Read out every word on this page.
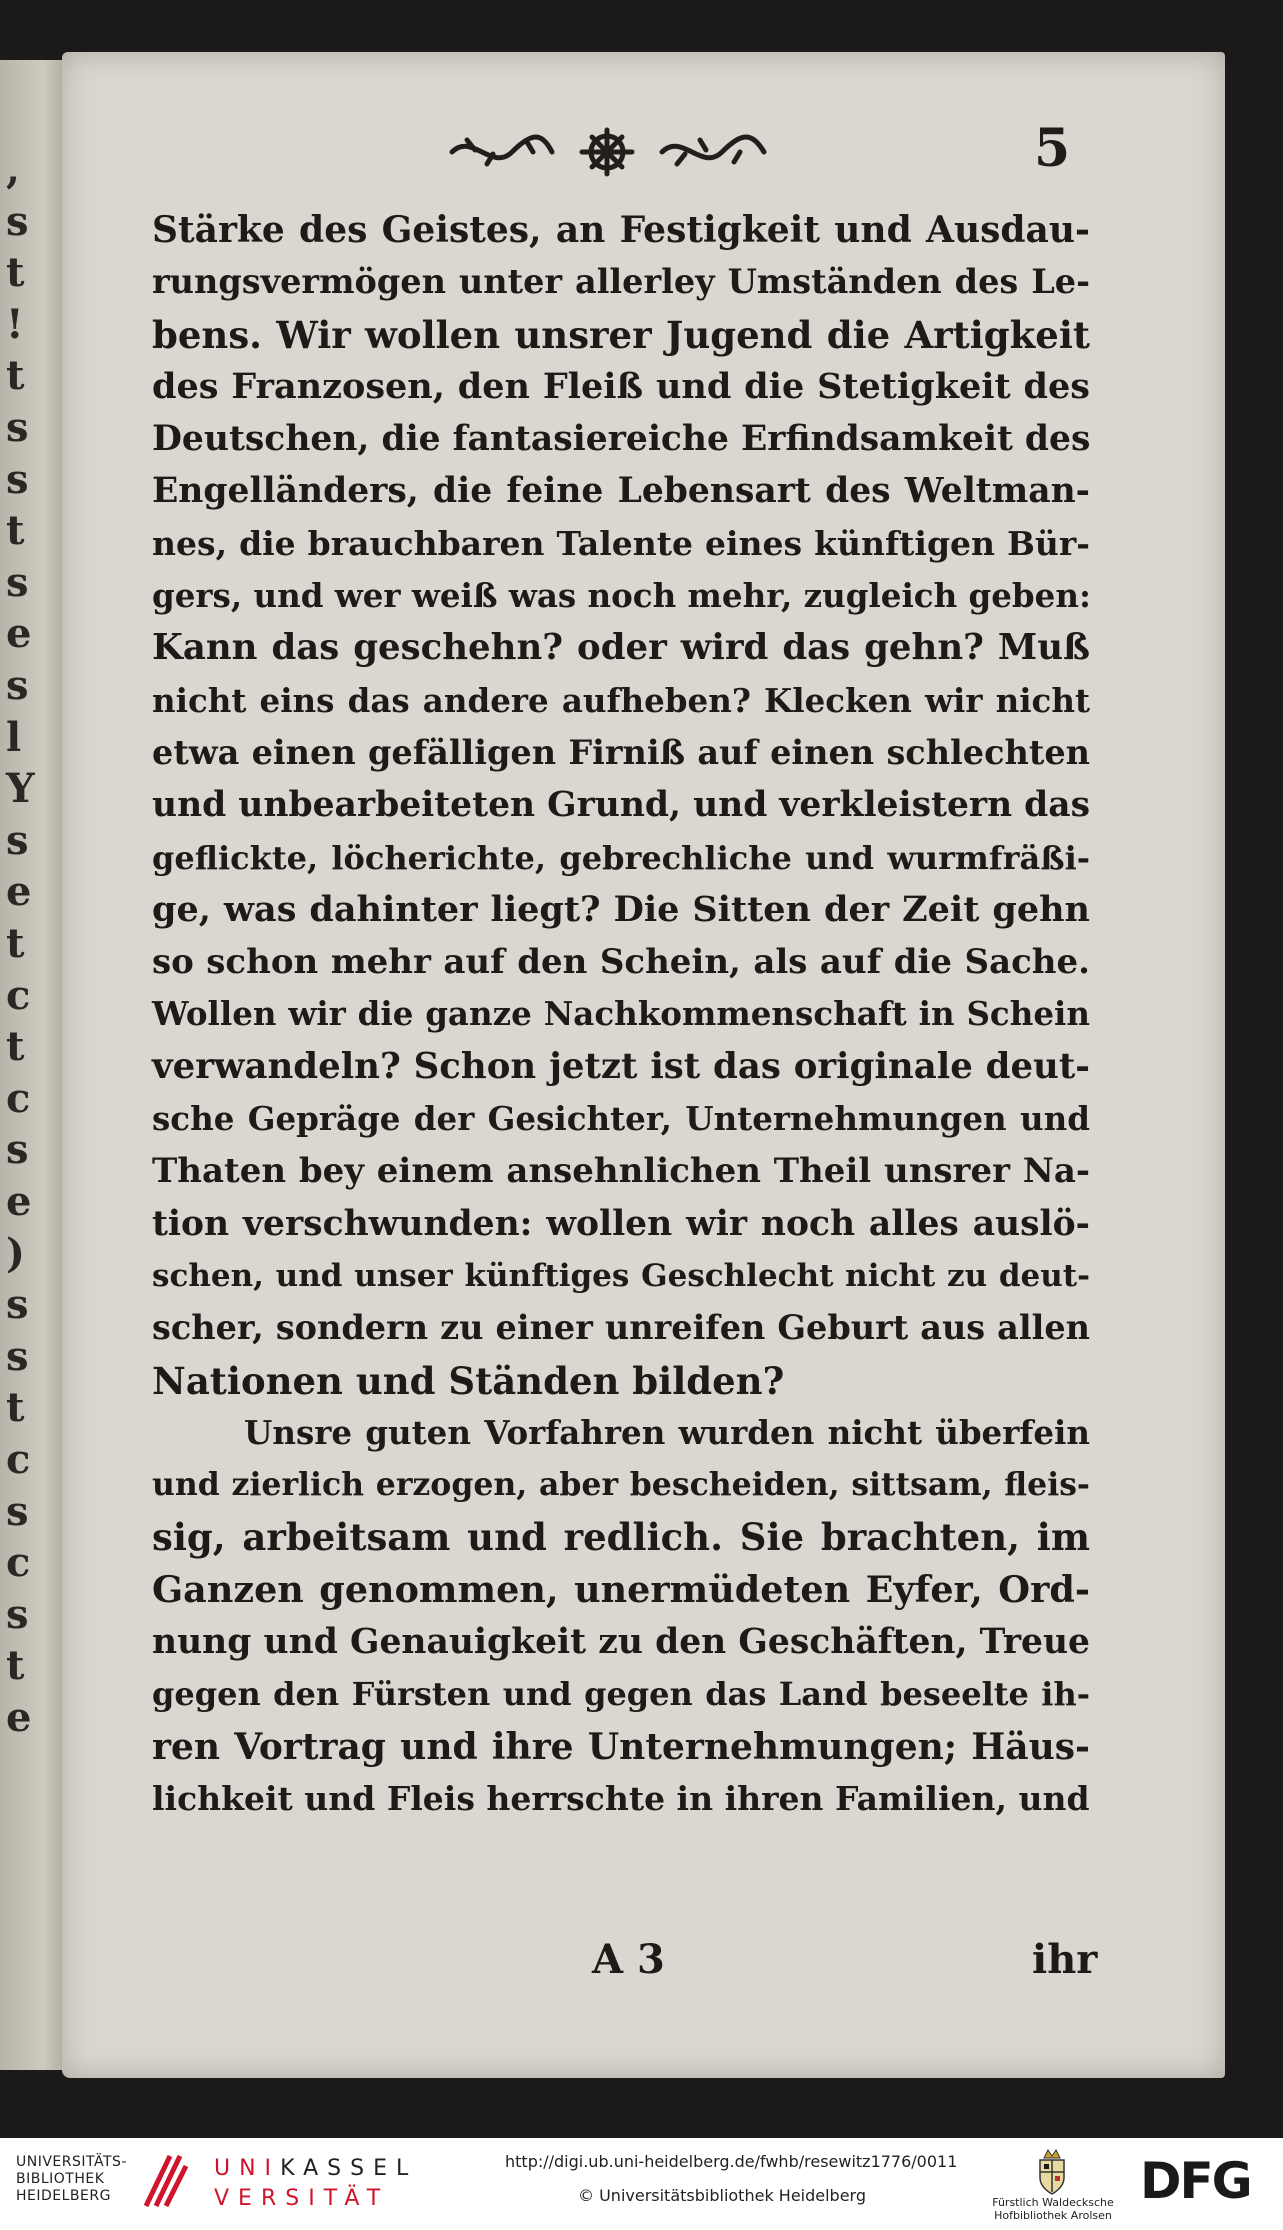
,
s
t
!
t
s
s
t
s
e
s
l
Y
s
e
t
c
t
c
s
e
)
s
s
t
c
s
c
s
t
e
5
Stärke des Geistes, an Festigkeit und Ausdau-
rungsvermögen unter allerley Umständen des Le-
bens. Wir wollen unsrer Jugend die Artigkeit
des Franzosen, den Fleiß und die Stetigkeit des
Deutschen, die fantasiereiche Erfindsamkeit des
Engelländers, die feine Lebensart des Weltman-
nes, die brauchbaren Talente eines künftigen Bür-
gers, und wer weiß was noch mehr, zugleich geben:
Kann das geschehn? oder wird das gehn? Muß
nicht eins das andere aufheben? Klecken wir nicht
etwa einen gefälligen Firniß auf einen schlechten
und unbearbeiteten Grund, und verkleistern das
geflickte, löcherichte, gebrechliche und wurmfräßi-
ge, was dahinter liegt? Die Sitten der Zeit gehn
so schon mehr auf den Schein, als auf die Sache.
Wollen wir die ganze Nachkommenschaft in Schein
verwandeln? Schon jetzt ist das originale deut-
sche Gepräge der Gesichter, Unternehmungen und
Thaten bey einem ansehnlichen Theil unsrer Na-
tion verschwunden: wollen wir noch alles auslö-
schen, und unser künftiges Geschlecht nicht zu deut-
scher, sondern zu einer unreifen Geburt aus allen
Nationen und Ständen bilden?
Unsre guten Vorfahren wurden nicht überfein
und zierlich erzogen, aber bescheiden, sittsam, fleis-
sig, arbeitsam und redlich. Sie brachten, im
Ganzen genommen, unermüdeten Eyfer, Ord-
nung und Genauigkeit zu den Geschäften, Treue
gegen den Fürsten und gegen das Land beseelte ih-
ren Vortrag und ihre Unternehmungen; Häus-
lichkeit und Fleis herrschte in ihren Familien, und
A 3	ihr
UNIVERSITÄTS-
BIBLIOTHEK
HEIDELBERG
UNIKASSEL
VERSITÄT
http://digi.ub.uni-heidelberg.de/fwhb/resewitz1776/0011
© Universitätsbibliothek Heidelberg	Fürstlich Waldecksche
Hofbibliothek Arolsen
DFG
